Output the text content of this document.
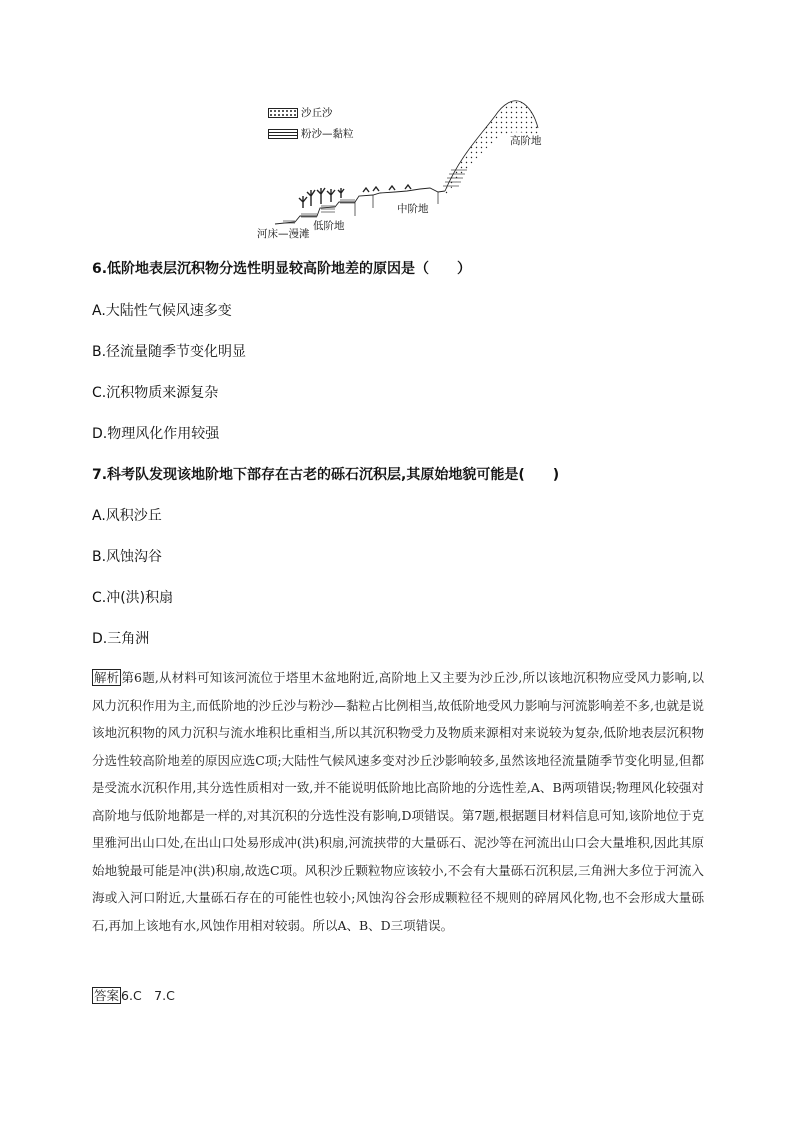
沙丘沙
粉沙—黏粒
高阶地
中阶地
低阶地
河床—漫滩
6.低阶地表层沉积物分选性明显较高阶地差的原因是（　　）
A.大陆性气候风速多变
B.径流量随季节变化明显
C.沉积物质来源复杂
D.物理风化作用较强
7.科考队发现该地阶地下部存在古老的砾石沉积层,其原始地貌可能是(　　)
A.风积沙丘
B.风蚀沟谷
C.冲(洪)积扇
D.三角洲
解析 第6题,从材料可知该河流位于塔里木盆地附近,高阶地上又主要为沙丘沙,所以该地沉积物应受风力影响,以风力沉积作用为主,而低阶地的沙丘沙与粉沙—黏粒占比例相当,故低阶地受风力影响与河流影响差不多,也就是说该地沉积物的风力沉积与流水堆积比重相当,所以其沉积物受力及物质来源相对来说较为复杂,低阶地表层沉积物分选性较高阶地差的原因应选C项;大陆性气候风速多变对沙丘沙影响较多,虽然该地径流量随季节变化明显,但都是受流水沉积作用,其分选性质相对一致,并不能说明低阶地比高阶地的分选性差,A、B两项错误;物理风化较强对高阶地与低阶地都是一样的,对其沉积的分选性没有影响,D项错误。第7题,根据题目材料信息可知,该阶地位于克里雅河出山口处,在出山口处易形成冲(洪)积扇,河流挟带的大量砾石、泥沙等在河流出山口会大量堆积,因此其原始地貌最可能是冲(洪)积扇,故选C项。风积沙丘颗粒物应该较小,不会有大量砾石沉积层,三角洲大多位于河流入海或入河口附近,大量砾石存在的可能性也较小;风蚀沟谷会形成颗粒径不规则的碎屑风化物,也不会形成大量砾石,再加上该地有水,风蚀作用相对较弱。所以A、B、D三项错误。
答案 6.C　7.C
